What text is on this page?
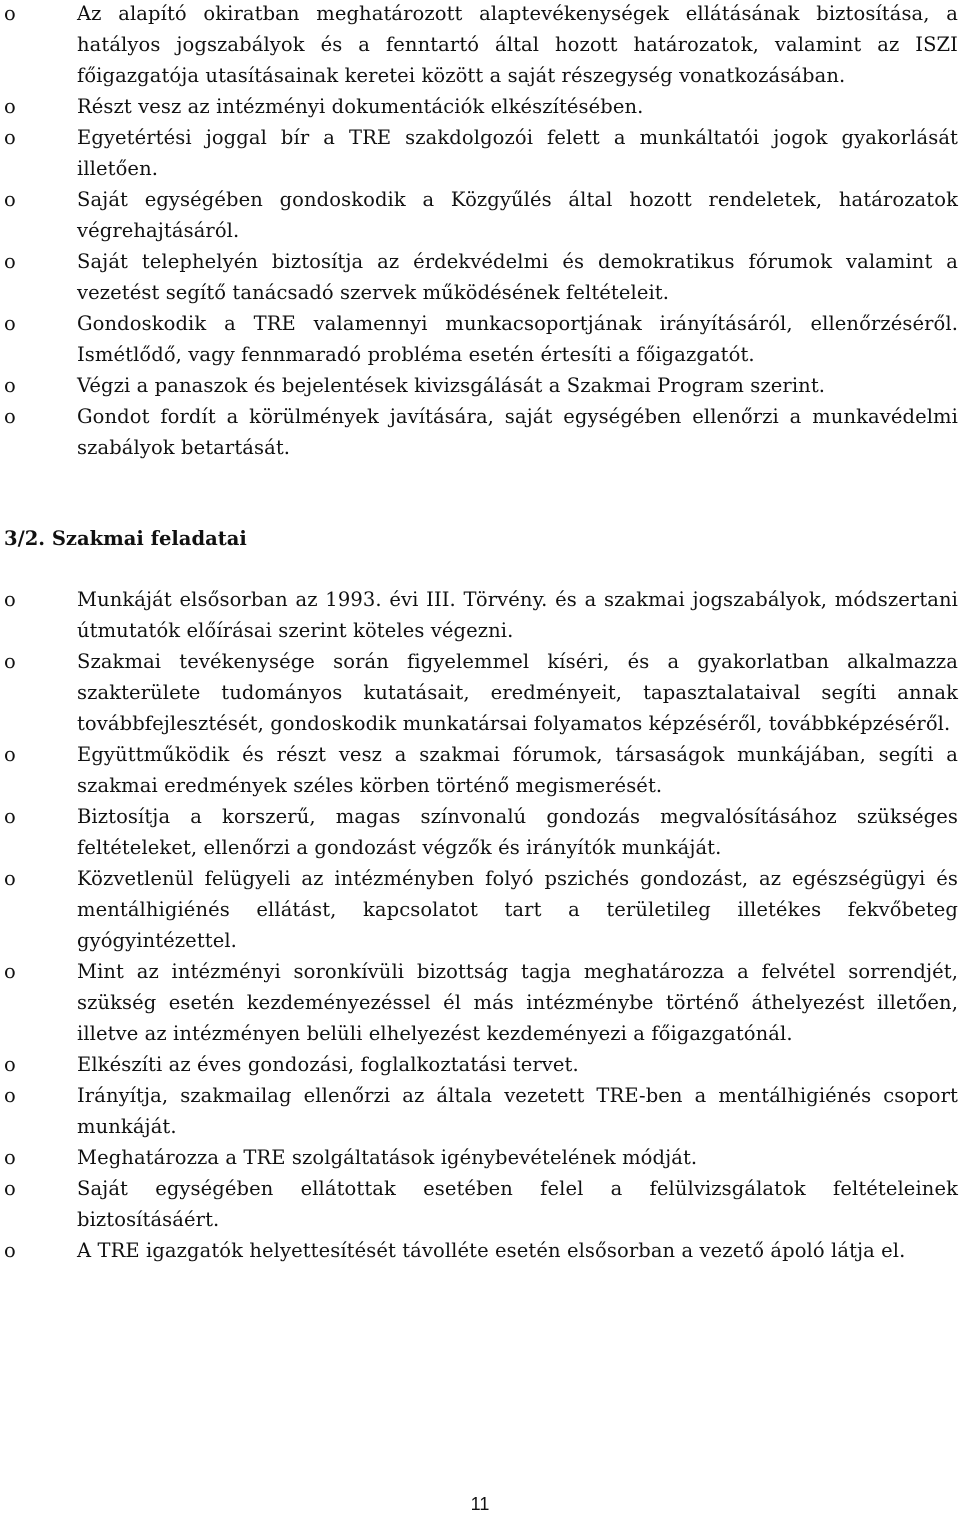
o	Az alapító okiratban meghatározott alaptevékenységek ellátásának biztosítása, a hatályos jogszabályok és a fenntartó által hozott határozatok, valamint az ISZI főigazgatója utasításainak keretei között a saját részegység vonatkozásában.
o	Részt vesz az intézményi dokumentációk elkészítésében.
o	Egyetértési joggal bír a TRE szakdolgozói felett a munkáltatói jogok gyakorlását illetően.
o	Saját egységében gondoskodik a Közgyűlés által hozott rendeletek, határozatok végrehajtásáról.
o	Saját telephelyén biztosítja az érdekvédelmi és demokratikus fórumok valamint a vezetést segítő tanácsadó szervek működésének feltételeit.
o	Gondoskodik a TRE valamennyi munkacsoportjának irányításáról, ellenőrzéséről. Ismétlődő, vagy fennmaradó probléma esetén értesíti a főigazgatót.
o	Végzi a panaszok és bejelentések kivizsgálását a Szakmai Program szerint.
o	Gondot fordít a körülmények javítására, saját egységében ellenőrzi a munkavédelmi szabályok betartását.
3/2. Szakmai feladatai
o	Munkáját elsősorban az 1993. évi III. Törvény. és a szakmai jogszabályok, módszertani útmutatók előírásai szerint köteles végezni.
o	Szakmai tevékenysége során figyelemmel kíséri, és a gyakorlatban alkalmazza szakterülete tudományos kutatásait, eredményeit, tapasztalataival segíti annak továbbfejlesztését, gondoskodik munkatársai folyamatos képzéséről, továbbképzéséről.
o	Együttműködik és részt vesz a szakmai fórumok, társaságok munkájában, segíti a szakmai eredmények széles körben történő megismerését.
o	Biztosítja a korszerű, magas színvonalú gondozás megvalósításához szükséges feltételeket, ellenőrzi a gondozást végzők és irányítók munkáját.
o	Közvetlenül felügyeli az intézményben folyó pszichés gondozást, az egészségügyi és mentálhigiénés ellátást, kapcsolatot tart a területileg illetékes fekvőbeteg gyógyintézettel.
o	Mint az intézményi soronkívüli bizottság tagja meghatározza a felvétel sorrendjét, szükség esetén kezdeményezéssel él más intézménybe történő áthelyezést illetően, illetve az intézményen belüli elhelyezést kezdeményezi a főigazgatónál.
o	Elkészíti az éves gondozási, foglalkoztatási tervet.
o	Irányítja, szakmailag ellenőrzi az általa vezetett TRE-ben a mentálhigiénés csoport munkáját.
o	Meghatározza a TRE szolgáltatások igénybevételének módját.
o	Saját egységében ellátottak esetében felel a felülvizsgálatok feltételeinek biztosításáért.
o	A TRE igazgatók helyettesítését távolléte esetén elsősorban a vezető ápoló látja el.
11
